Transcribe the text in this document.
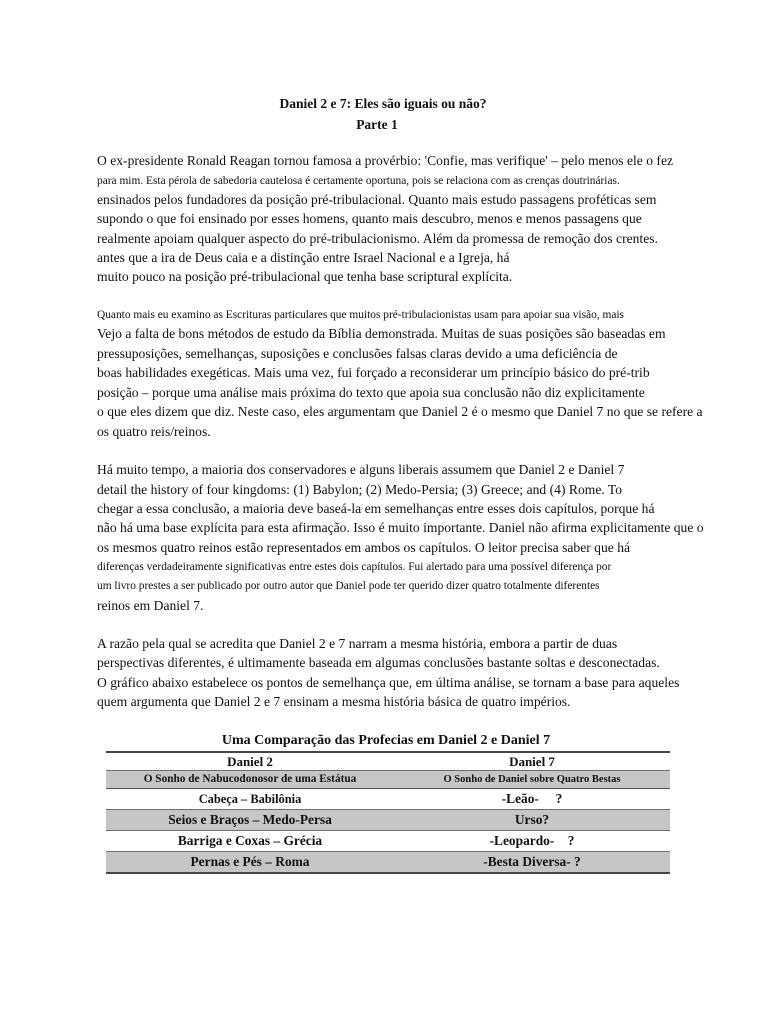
Daniel 2 e 7: Eles são iguais ou não?
Parte 1
O ex-presidente Ronald Reagan tornou famosa a provérbio: 'Confie, mas verifique' – pelo menos ele o fez
para mim. Esta pérola de sabedoria cautelosa é certamente oportuna, pois se relaciona com as crenças doutrinárias.
ensinados pelos fundadores da posição pré-tribulacional. Quanto mais estudo passagens proféticas sem
supondo o que foi ensinado por esses homens, quanto mais descubro, menos e menos passagens que
realmente apoiam qualquer aspecto do pré-tribulacionismo. Além da promessa de remoção dos crentes.
antes que a ira de Deus caia e a distinção entre Israel Nacional e a Igreja, há
muito pouco na posição pré-tribulacional que tenha base scriptural explícita.
Quanto mais eu examino as Escrituras particulares que muitos pré-tribulacionistas usam para apoiar sua visão, mais
Vejo a falta de bons métodos de estudo da Bíblia demonstrada. Muitas de suas posições são baseadas em
pressuposições, semelhanças, suposições e conclusões falsas claras devido a uma deficiência de
boas habilidades exegéticas. Mais uma vez, fui forçado a reconsiderar um princípio básico do pré-trib
posição – porque uma análise mais próxima do texto que apoia sua conclusão não diz explicitamente
o que eles dizem que diz. Neste caso, eles argumentam que Daniel 2 é o mesmo que Daniel 7 no que se refere a
os quatro reis/reinos.
Há muito tempo, a maioria dos conservadores e alguns liberais assumem que Daniel 2 e Daniel 7
detail the history of four kingdoms: (1) Babylon; (2) Medo-Persia; (3) Greece; and (4) Rome. To
chegar a essa conclusão, a maioria deve baseá-la em semelhanças entre esses dois capítulos, porque há
não há uma base explícita para esta afirmação. Isso é muito importante. Daniel não afirma explicitamente que o
os mesmos quatro reinos estão representados em ambos os capítulos. O leitor precisa saber que há
diferenças verdadeiramente significativas entre estes dois capítulos. Fui alertado para uma possível diferença por
um livro prestes a ser publicado por outro autor que Daniel pode ter querido dizer quatro totalmente diferentes
reinos em Daniel 7.
A razão pela qual se acredita que Daniel 2 e 7 narram a mesma história, embora a partir de duas
perspectivas diferentes, é ultimamente baseada em algumas conclusões bastante soltas e desconectadas.
O gráfico abaixo estabelece os pontos de semelhança que, em última análise, se tornam a base para aqueles
quem argumenta que Daniel 2 e 7 ensinam a mesma história básica de quatro impérios.
Uma Comparação das Profecias em Daniel 2 e Daniel 7
Daniel 2	Daniel 7
O Sonho de Nabucodonosor de uma Estátua	O Sonho de Daniel sobre Quatro Bestas
Cabeça – Babilônia	-Leão-     ?
Seios e Braços – Medo-Persa	Urso?
Barriga e Coxas – Grécia	-Leopardo-    ?
Pernas e Pés – Roma	-Besta Diversa- ?
